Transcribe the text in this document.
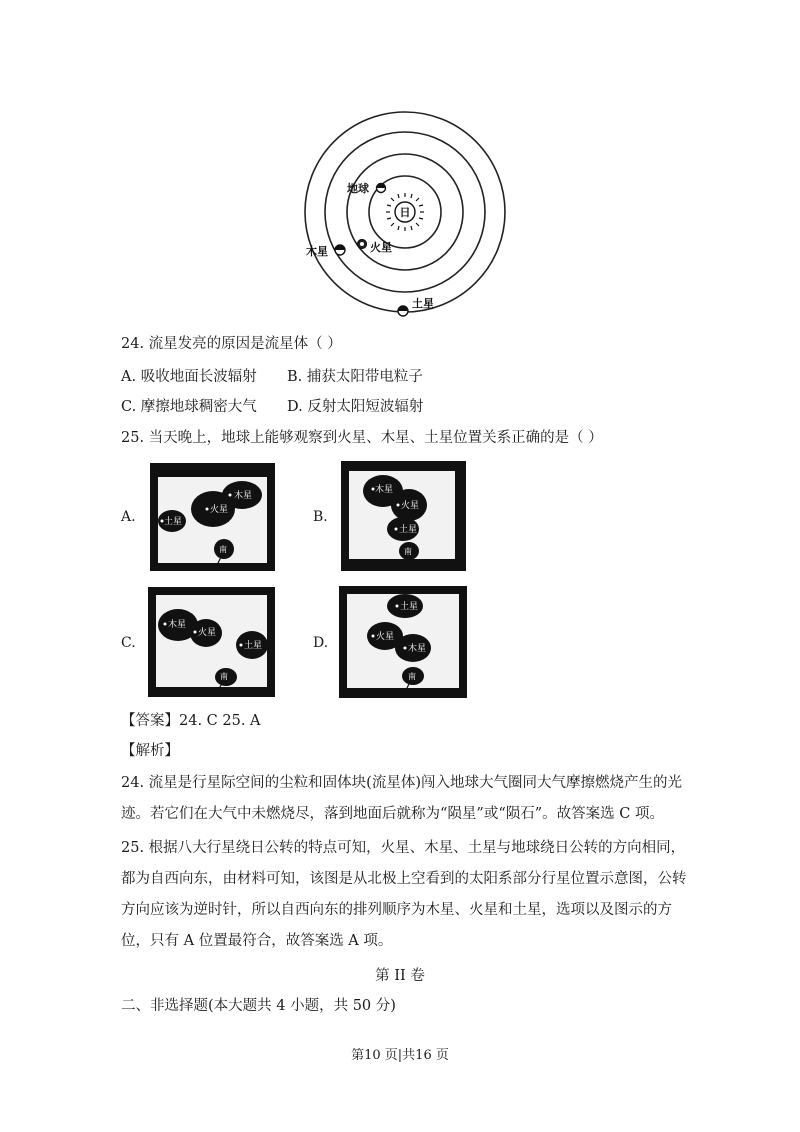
日
地球
火星
木星
土星
24. 流星发亮的原因是流星体（ ）
A. 吸收地面长波辐射 B. 捕获太阳带电粒子
C. 摩擦地球稠密大气 D. 反射太阳短波辐射
25. 当天晚上，地球上能够观察到火星、木星、土星位置关系正确的是（ ）
A.
木星
火星
土星
南
B.
木星
火星
土星
南
C.
木星
火星
土星
南
D.
土星
火星
木星
南
【答案】24. C 25. A
【解析】
24. 流星是行星际空间的尘粒和固体块(流星体)闯入地球大气圈同大气摩擦燃烧产生的光
迹。若它们在大气中未燃烧尽，落到地面后就称为“陨星”或“陨石”。故答案选 C 项。
25. 根据八大行星绕日公转的特点可知，火星、木星、土星与地球绕日公转的方向相同，
都为自西向东，由材料可知，该图是从北极上空看到的太阳系部分行星位置示意图，公转
方向应该为逆时针，所以自西向东的排列顺序为木星、火星和土星，选项以及图示的方
位，只有 A 位置最符合，故答案选 A 项。
第 II 卷
二、非选择题(本大题共 4 小题，共 50 分)
第10 页|共16 页
